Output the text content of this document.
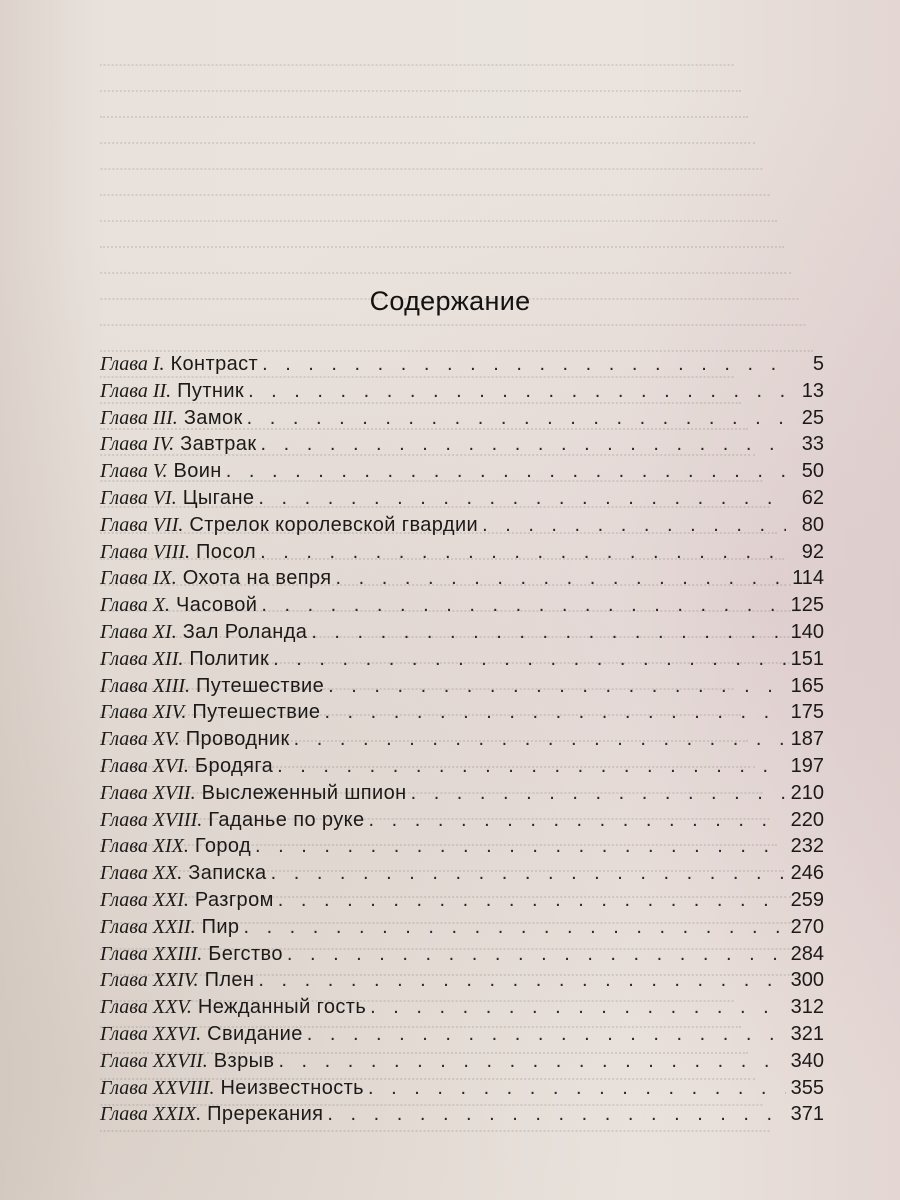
Содержание
Глава I. Контраст . . .	5
Глава II. Путник . . .	13
Глава III. Замок . . .	25
Глава IV. Завтрак . . .	33
Глава V. Воин . . .	50
Глава VI. Цыгане . . .	62
Глава VII. Стрелок королевской гвардии . . .	80
Глава VIII. Посол . . .	92
Глава IX. Охота на вепря . . .	114
Глава X. Часовой . . .	125
Глава XI. Зал Роланда . . .	140
Глава XII. Политик . . .	151
Глава XIII. Путешествие . . .	165
Глава XIV. Путешествие . . .	175
Глава XV. Проводник . . .	187
Глава XVI. Бродяга . . .	197
Глава XVII. Выслеженный шпион . . .	210
Глава XVIII. Гаданье по руке . . .	220
Глава XIX. Город . . .	232
Глава XX. Записка . . .	246
Глава XXI. Разгром . . .	259
Глава XXII. Пир . . .	270
Глава XXIII. Бегство . . .	284
Глава XXIV. Плен . . .	300
Глава XXV. Нежданный гость . . .	312
Глава XXVI. Свидание . . .	321
Глава XXVII. Взрыв . . .	340
Глава XXVIII. Неизвестность . . .	355
Глава XXIX. Пререкания . . .	371
